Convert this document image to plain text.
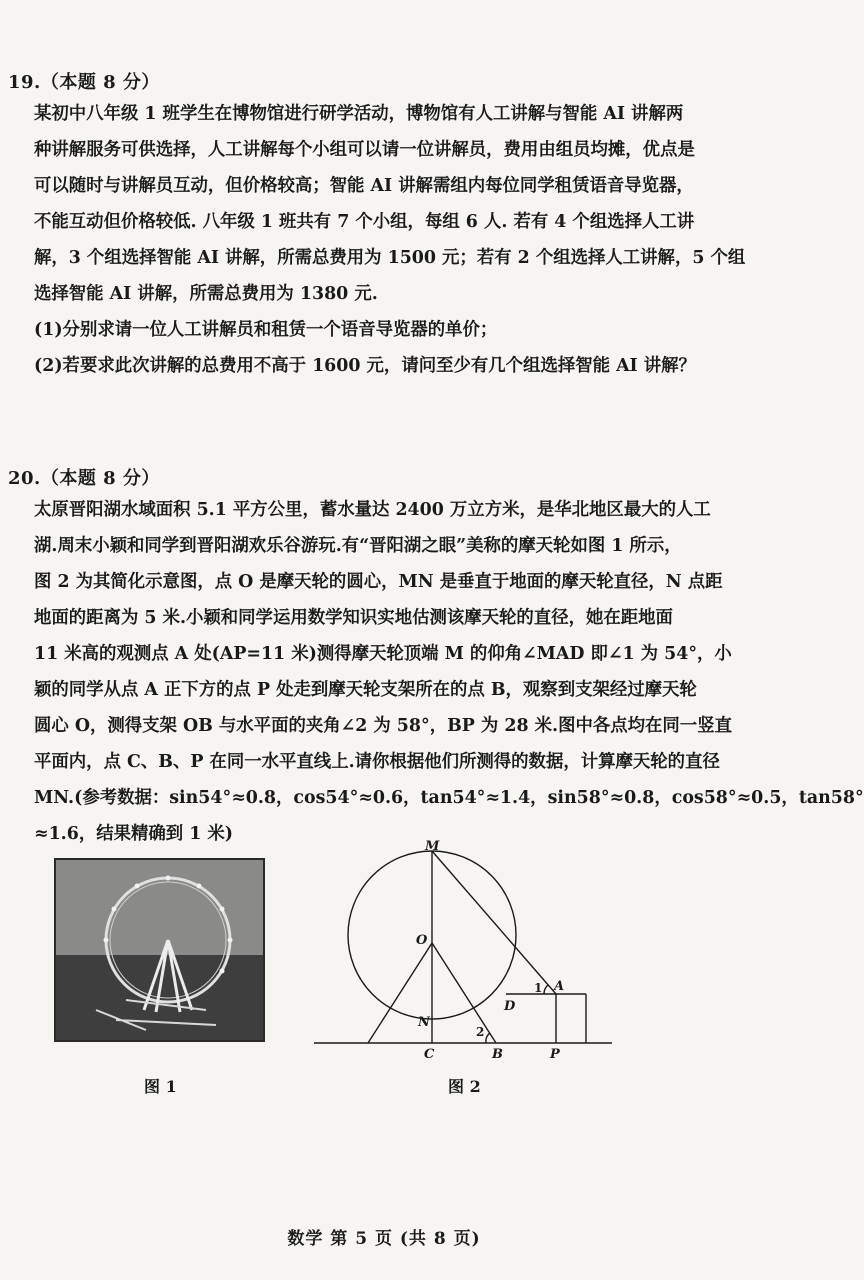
19.（本题 8 分）
某初中八年级 1 班学生在博物馆进行研学活动，博物馆有人工讲解与智能 AI 讲解两
种讲解服务可供选择，人工讲解每个小组可以请一位讲解员，费用由组员均摊，优点是
可以随时与讲解员互动，但价格较高；智能 AI 讲解需组内每位同学租赁语音导览器，
不能互动但价格较低. 八年级 1 班共有 7 个小组，每组 6 人. 若有 4 个组选择人工讲
解，3 个组选择智能 AI 讲解，所需总费用为 1500 元；若有 2 个组选择人工讲解，5 个组
选择智能 AI 讲解，所需总费用为 1380 元.
(1)分别求请一位人工讲解员和租赁一个语音导览器的单价；
(2)若要求此次讲解的总费用不高于 1600 元，请问至少有几个组选择智能 AI 讲解？
20.（本题 8 分）
太原晋阳湖水域面积 5.1 平方公里，蓄水量达 2400 万立方米，是华北地区最大的人工
湖.周末小颖和同学到晋阳湖欢乐谷游玩.有“晋阳湖之眼”美称的摩天轮如图 1 所示，
图 2 为其简化示意图，点 O 是摩天轮的圆心，MN 是垂直于地面的摩天轮直径，N 点距
地面的距离为 5 米.小颖和同学运用数学知识实地估测该摩天轮的直径，她在距地面
11 米高的观测点 A 处(AP=11 米)测得摩天轮顶端 M 的仰角∠MAD 即∠1 为 54°，小
颖的同学从点 A 正下方的点 P 处走到摩天轮支架所在的点 B，观察到支架经过摩天轮
圆心 O，测得支架 OB 与水平面的夹角∠2 为 58°，BP 为 28 米.图中各点均在同一竖直
平面内，点 C、B、P 在同一水平直线上.请你根据他们所测得的数据，计算摩天轮的直径
MN.(参考数据：sin54°≈0.8，cos54°≈0.6，tan54°≈1.4，sin58°≈0.8，cos58°≈0.5，tan58°
≈1.6，结果精确到 1 米)
图 1
M
O
N
C	B	P
A
D
1
2
图 2
数学 第 5 页 (共 8 页)
